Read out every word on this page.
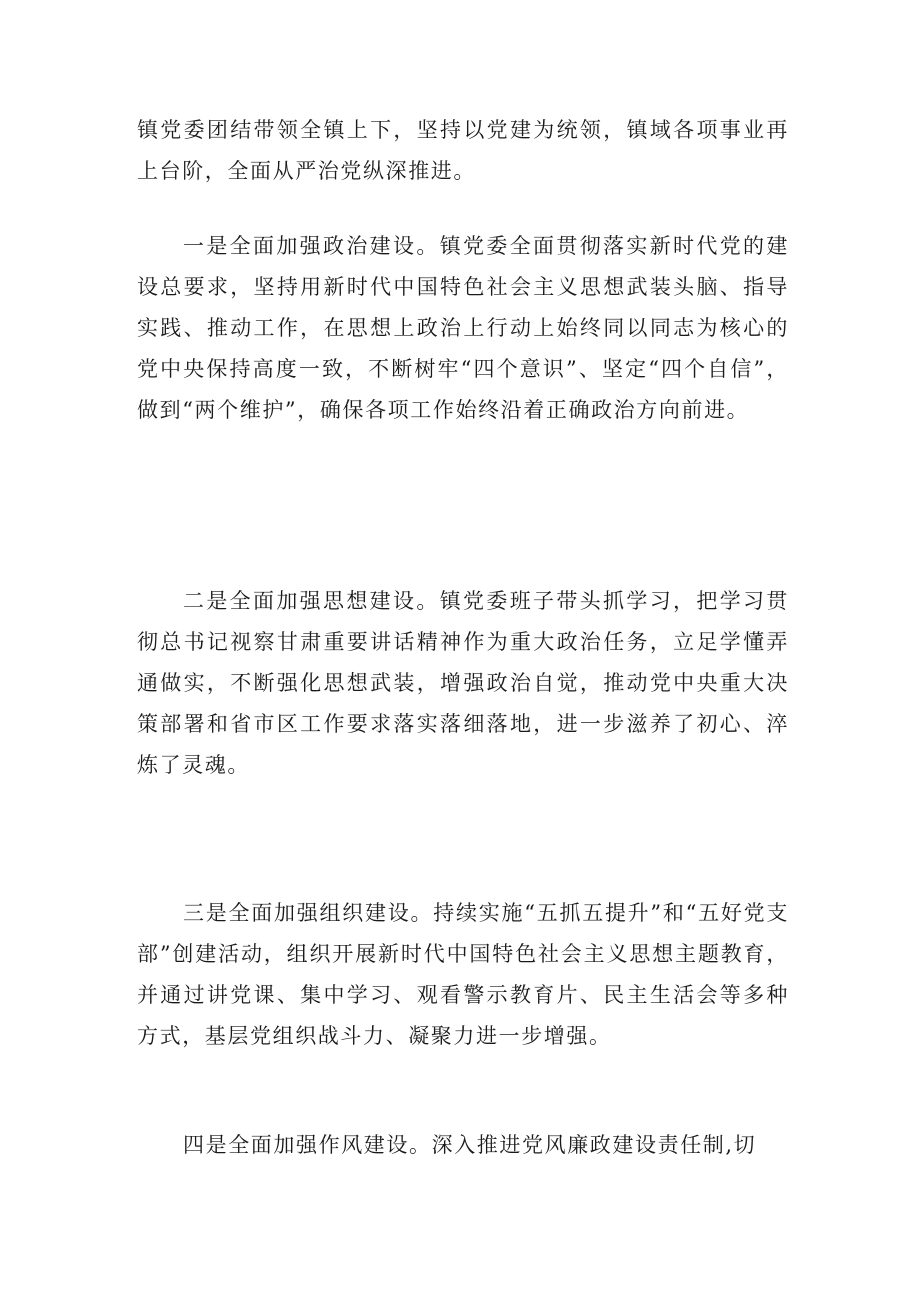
镇党委团结带领全镇上下，坚持以党建为统领，镇域各项事业再上台阶，全面从严治党纵深推进。

一是全面加强政治建设。镇党委全面贯彻落实新时代党的建设总要求，坚持用新时代中国特色社会主义思想武装头脑、指导实践、推动工作，在思想上政治上行动上始终同以同志为核心的党中央保持高度一致，不断树牢“四个意识”、坚定“四个自信”，做到“两个维护”，确保各项工作始终沿着正确政治方向前进。

二是全面加强思想建设。镇党委班子带头抓学习，把学习贯彻总书记视察甘肃重要讲话精神作为重大政治任务，立足学懂弄通做实，不断强化思想武装，增强政治自觉，推动党中央重大决策部署和省市区工作要求落实落细落地，进一步滋养了初心、淬炼了灵魂。

三是全面加强组织建设。持续实施“五抓五提升”和“五好党支部”创建活动，组织开展新时代中国特色社会主义思想主题教育，并通过讲党课、集中学习、观看警示教育片、民主生活会等多种方式，基层党组织战斗力、凝聚力进一步增强。

四是全面加强作风建设。深入推进党风廉政建设责任制,切
